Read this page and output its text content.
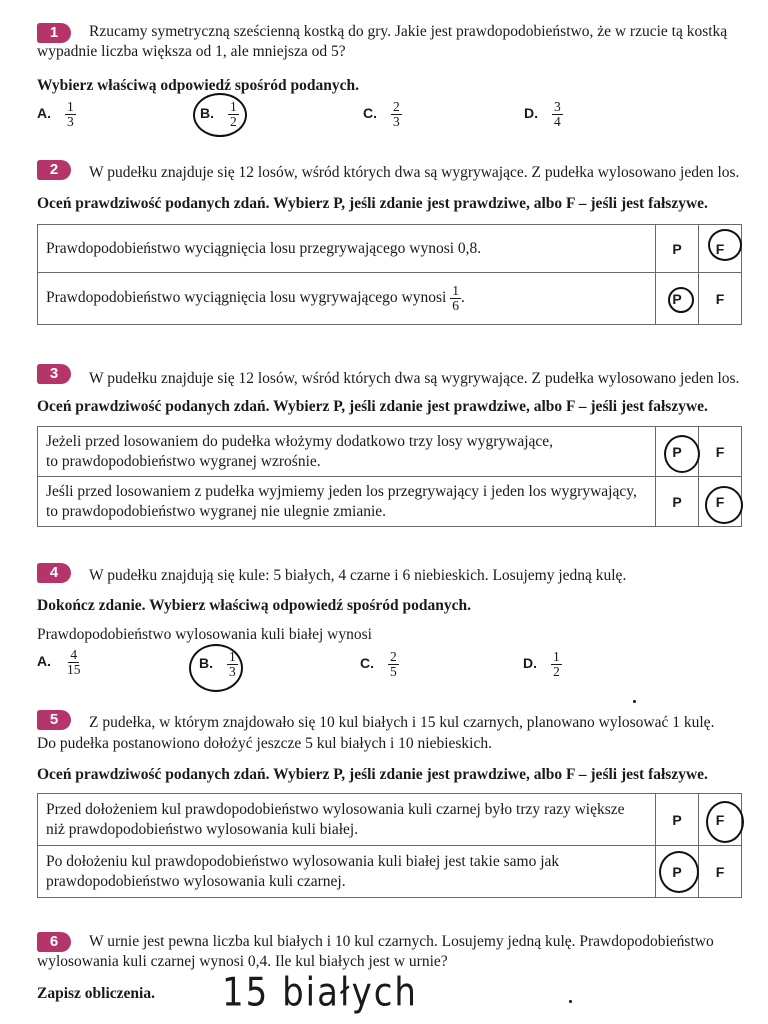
1	Rzucamy symetryczną sześcienną kostką do gry. Jakie jest prawdopodobieństwo, że w rzucie tą kostką wypadnie liczba większa od 1, ale mniejsza od 5?
Wybierz właściwą odpowiedź spośród podanych.
A. $\frac{1}{3}$	B. $\frac{1}{2}$	C. $\frac{2}{3}$	D. $\frac{3}{4}$
2	W pudełku znajduje się 12 losów, wśród których dwa są wygrywające. Z pudełka wylosowano jeden los.
Oceń prawdziwość podanych zdań. Wybierz P, jeśli zdanie jest prawdziwe, albo F – jeśli jest fałszywe.
Prawdopodobieństwo wyciągnięcia losu przegrywającego wynosi 0,8.	P	F
Prawdopodobieństwo wyciągnięcia losu wygrywającego wynosi $\frac{1}{6}$ .	P	F
3	W pudełku znajduje się 12 losów, wśród których dwa są wygrywające. Z pudełka wylosowano jeden los.
Oceń prawdziwość podanych zdań. Wybierz P, jeśli zdanie jest prawdziwe, albo F – jeśli jest fałszywe.
Jeżeli przed losowaniem do pudełka włożymy dodatkowo trzy losy wygrywające,
to prawdopodobieństwo wygranej wzrośnie.	P	F
Jeśli przed losowaniem z pudełka wyjmiemy jeden los przegrywający i jeden los wygrywający,
to prawdopodobieństwo wygranej nie ulegnie zmianie.	P	F
4	W pudełku znajdują się kule: 5 białych, 4 czarne i 6 niebieskich. Losujemy jedną kulę.
Dokończ zdanie. Wybierz właściwą odpowiedź spośród podanych.
Prawdopodobieństwo wylosowania kuli białej wynosi
A. $\frac{4}{15}$	B. $\frac{1}{3}$	C. $\frac{2}{5}$	D. $\frac{1}{2}$
5	Z pudełka, w którym znajdowało się 10 kul białych i 15 kul czarnych, planowano wylosować 1 kulę.
Do pudełka postanowiono dołożyć jeszcze 5 kul białych i 10 niebieskich.
Oceń prawdziwość podanych zdań. Wybierz P, jeśli zdanie jest prawdziwe, albo F – jeśli jest fałszywe.
Przed dołożeniem kul prawdopodobieństwo wylosowania kuli czarnej było trzy razy większe
niż prawdopodobieństwo wylosowania kuli białej.	P	F
Po dołożeniu kul prawdopodobieństwo wylosowania kuli białej jest takie samo jak
prawdopodobieństwo wylosowania kuli czarnej.	P	F
6	W urnie jest pewna liczba kul białych i 10 kul czarnych. Losujemy jedną kulę. Prawdopodobieństwo wylosowania kuli czarnej wynosi 0,4. Ile kul białych jest w urnie?
Zapisz obliczenia. 15 białych
